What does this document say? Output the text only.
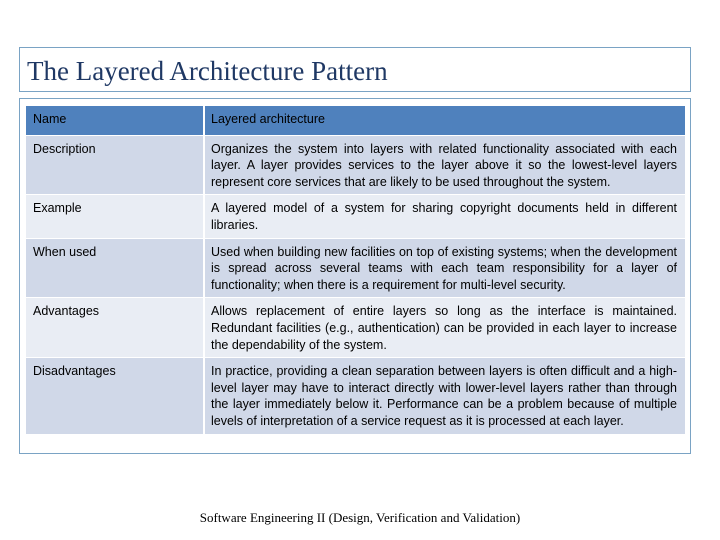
The Layered Architecture Pattern
Name	Layered architecture
Description	Organizes the system into layers with related functionality associated with each layer. A layer provides services to the layer above it so the lowest-level layers represent core services that are likely to be used throughout the system.
Example	A layered model of a system for sharing copyright documents held in different libraries.
When used	Used when building new facilities on top of existing systems; when the development is spread across several teams with each team responsibility for a layer of functionality; when there is a requirement for multi-level security.
Advantages	Allows replacement of entire layers so long as the interface is maintained. Redundant facilities (e.g., authentication) can be provided in each layer to increase the dependability of the system.
Disadvantages	In practice, providing a clean separation between layers is often difficult and a high-level layer may have to interact directly with lower-level layers rather than through the layer immediately below it. Performance can be a problem because of multiple levels of interpretation of a service request as it is processed at each layer.
Software Engineering II (Design, Verification and Validation)
